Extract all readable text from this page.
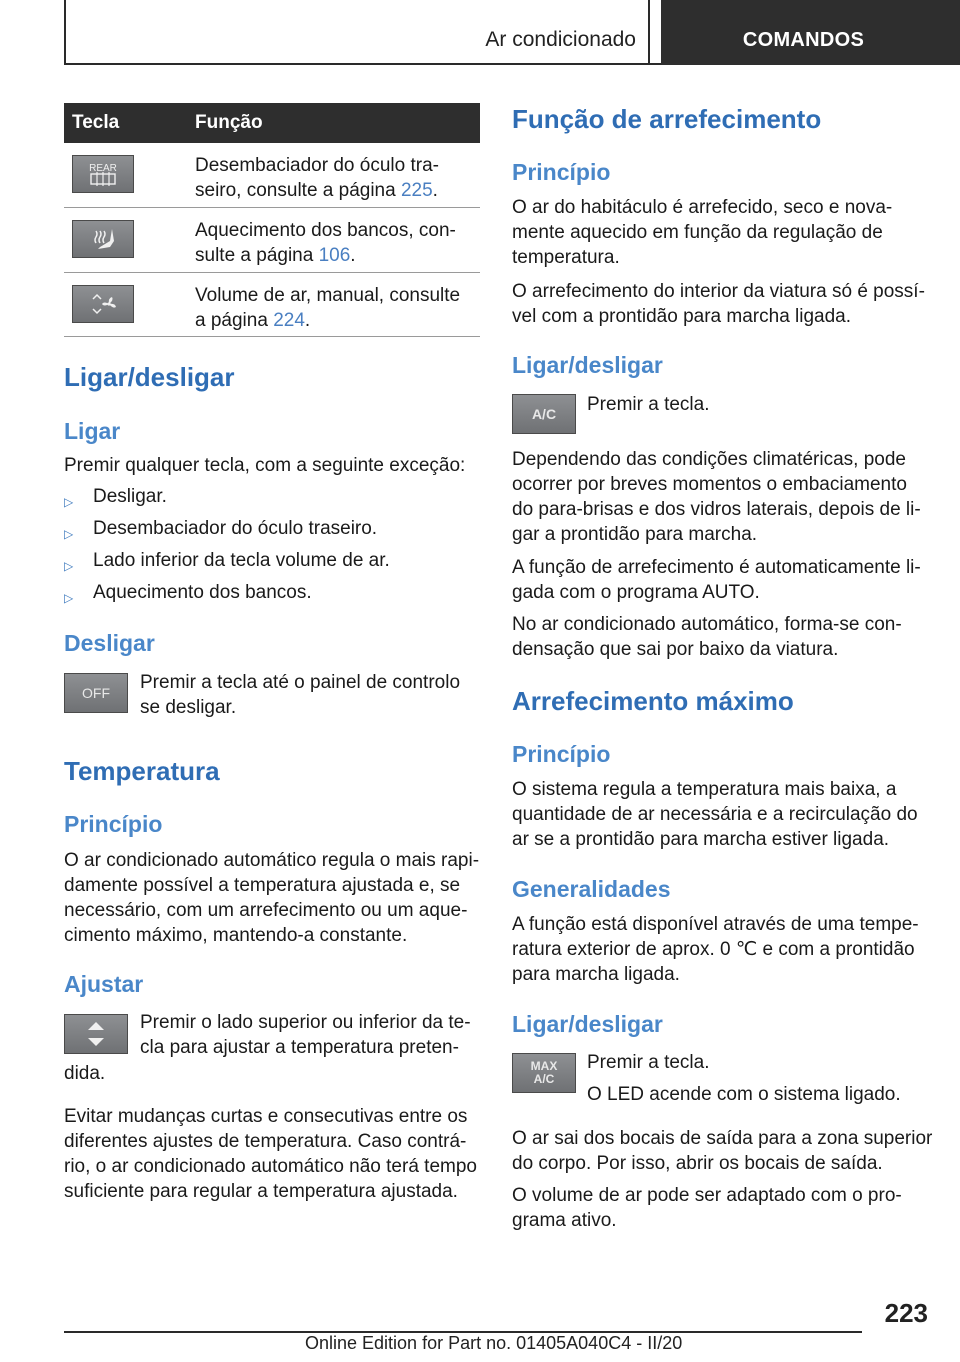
Ar condicionado	COMANDOS
Tecla	Função
REAR	Desembaciador do óculo tra-
seiro, consulte a página 225.
Aquecimento dos bancos, con-
sulte a página 106.
Volume de ar, manual, consulte
a página 224.
Ligar/desligar
Ligar
Premir qualquer tecla, com a seguinte exceção:
▷	Desligar.
▷	Desembaciador do óculo traseiro.
▷	Lado inferior da tecla volume de ar.
▷	Aquecimento dos bancos.
Desligar
OFF Premir a tecla até o painel de controlo
se desligar.
Temperatura
Princípio
O ar condicionado automático regula o mais rapi-
damente possível a temperatura ajustada e, se
necessário, com um arrefecimento ou um aque-
cimento máximo, mantendo-a constante.
Ajustar
Premir o lado superior ou inferior da te-
cla para ajustar a temperatura preten-
dida.
Evitar mudanças curtas e consecutivas entre os
diferentes ajustes de temperatura. Caso contrá-
rio, o ar condicionado automático não terá tempo
suficiente para regular a temperatura ajustada.
Função de arrefecimento
Princípio
O ar do habitáculo é arrefecido, seco e nova-
mente aquecido em função da regulação de
temperatura.
O arrefecimento do interior da viatura só é possí-
vel com a prontidão para marcha ligada.
Ligar/desligar
A/C Premir a tecla.
Dependendo das condições climatéricas, pode
ocorrer por breves momentos o embaciamento
do para-brisas e dos vidros laterais, depois de li-
gar a prontidão para marcha.
A função de arrefecimento é automaticamente li-
gada com o programa AUTO.
No ar condicionado automático, forma-se con-
densação que sai por baixo da viatura.
Arrefecimento máximo
Princípio
O sistema regula a temperatura mais baixa, a
quantidade de ar necessária e a recirculação do
ar se a prontidão para marcha estiver ligada.
Generalidades
A função está disponível através de uma tempe-
ratura exterior de aprox. 0 ℃ e com a prontidão
para marcha ligada.
Ligar/desligar
MAX
A/C
Premir a tecla.
O LED acende com o sistema ligado.
O ar sai dos bocais de saída para a zona superior
do corpo. Por isso, abrir os bocais de saída.
O volume de ar pode ser adaptado com o pro-
grama ativo.
223
Online Edition for Part no. 01405A040C4 - II/20
